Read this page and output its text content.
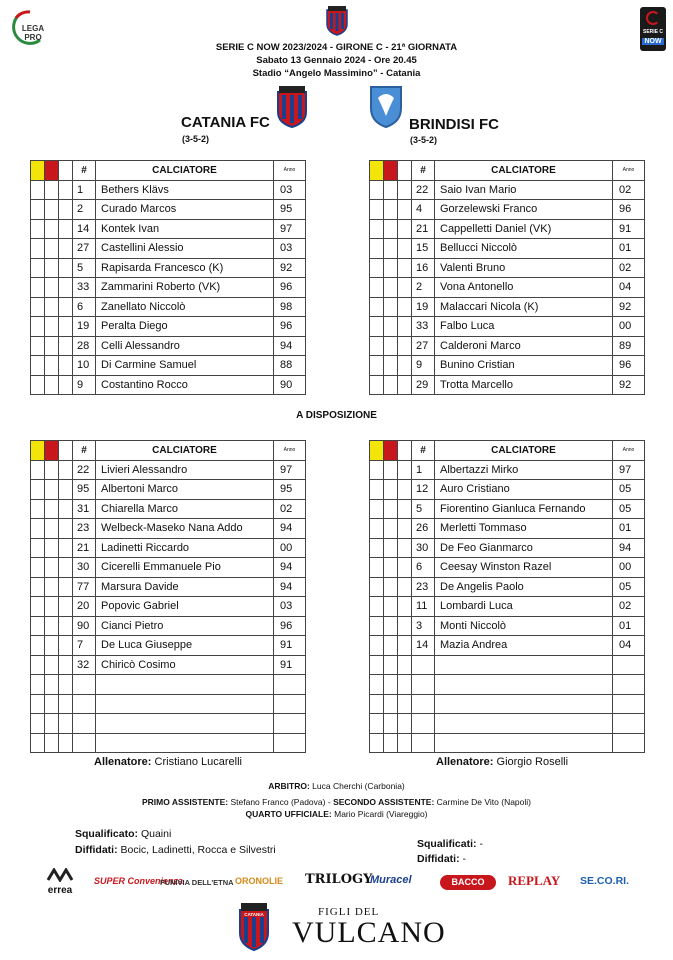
LEGA PRO
SERIE C
NOW
SERIE C NOW 2023/2024 - GIRONE C - 21ª GIORNATA
Sabato 13 Gennaio 2024 - Ore 20.45
Stadio “Angelo Massimino” - Catania
CATANIA FC
(3-5-2)
BRINDISI FC
(3-5-2)
			#	CALCIATORE	Anno
			1	Bethers Klävs	03
			2	Curado Marcos	95
			14	Kontek Ivan	97
			27	Castellini Alessio	03
			5	Rapisarda Francesco (K)	92
			33	Zammarini Roberto (VK)	96
			6	Zanellato Niccolò	98
			19	Peralta Diego	96
			28	Celli Alessandro	94
			10	Di Carmine Samuel	88
			9	Costantino Rocco	90
			#	CALCIATORE	Anno
			22	Saio Ivan Mario	02
			4	Gorzelewski Franco	96
			21	Cappelletti Daniel (VK)	91
			15	Bellucci Niccolò	01
			16	Valenti Bruno	02
			2	Vona Antonello	04
			19	Malaccari Nicola (K)	92
			33	Falbo Luca	00
			27	Calderoni Marco	89
			9	Bunino Cristian	96
			29	Trotta Marcello	92
A DISPOSIZIONE
			#	CALCIATORE	Anno
			22	Livieri Alessandro	97
			95	Albertoni Marco	95
			31	Chiarella Marco	02
			23	Welbeck-Maseko Nana Addo	94
			21	Ladinetti Riccardo	00
			30	Cicerelli Emmanuele Pio	94
			77	Marsura Davide	94
			20	Popovic Gabriel	03
			90	Cianci Pietro	96
			7	De Luca Giuseppe	91
			32	Chiricò Cosimo	91

			#	CALCIATORE	Anno
			1	Albertazzi Mirko	97
			12	Auro Cristiano	05
			5	Fiorentino Gianluca Fernando	05
			26	Merletti Tommaso	01
			30	De Feo Gianmarco	94
			6	Ceesay Winston Razel	00
			23	De Angelis Paolo	05
			11	Lombardi Luca	02
			3	Monti Niccolò	01
			14	Mazia Andrea	04

Allenatore: Cristiano Lucarelli	Allenatore: Giorgio Roselli
ARBITRO: Luca Cherchi (Carbonia)
PRIMO ASSISTENTE: Stefano Franco (Padova) - SECONDO ASSISTENTE: Carmine De Vito (Napoli)
QUARTO UFFICIALE: Mario Picardi (Viareggio)
Squalificato: Quaini
Diffidati: Bocic, Ladinetti, Rocca e Silvestri	Squalificati: -
Diffidati: -
errea
SUPER Convenienza
FUNIVIA DELL'ETNA ORONOLIE TRILOGY
Muracel	BACCO	REPLAY SE.CO.RI.
CATANIA	FIGLI DEL
VULCANO
